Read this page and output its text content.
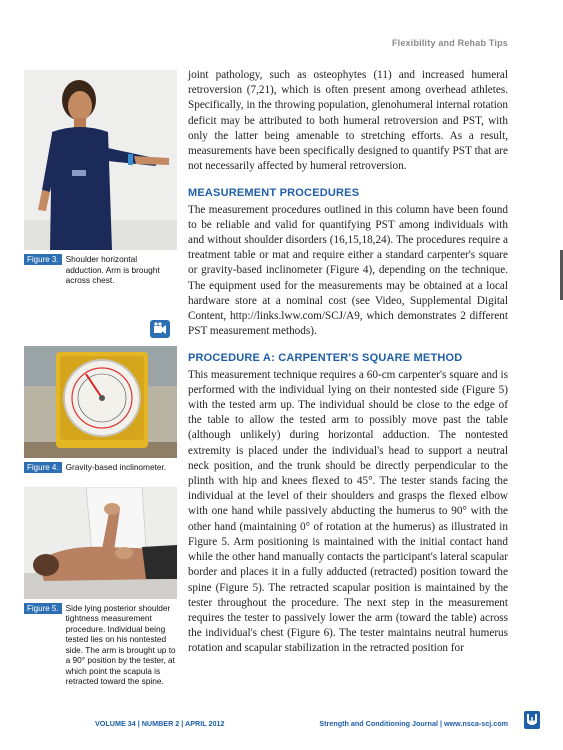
Flexibility and Rehab Tips
Figure 3. Shoulder horizontal adduction. Arm is brought across chest.
Figure 4. Gravity-based inclinometer.
Figure 5. Side lying posterior shoulder tightness measurement procedure. Individual being tested lies on his nontested side. The arm is brought up to a 90° position by the tester, at which point the scapula is retracted toward the spine.

joint pathology, such as osteophytes (11) and increased humeral retroversion (7,21), which is often present among overhead athletes. Specifically, in the throwing population, glenohumeral internal rotation deficit may be attributed to both humeral retroversion and PST, with only the latter being amenable to stretching efforts. As a result, measurements have been specifically designed to quantify PST that are not necessarily affected by humeral retroversion.

MEASUREMENT PROCEDURES

The measurement procedures outlined in this column have been found to be reliable and valid for quantifying PST among individuals with and without shoulder disorders (16,15,18,24). The procedures require a treatment table or mat and require either a standard carpenter's square or gravity-based inclinometer (Figure 4), depending on the technique. The equipment used for the measurements may be obtained at a local hardware store at a nominal cost (see Video, Supplemental Digital Content, http://links.lww.com/SCJ/A9, which demonstrates 2 different PST measurement methods).

PROCEDURE A: CARPENTER'S SQUARE METHOD

This measurement technique requires a 60-cm carpenter's square and is performed with the individual lying on their nontested side (Figure 5) with the tested arm up. The individual should be close to the edge of the table to allow the tested arm to possibly move past the table (although unlikely) during horizontal adduction. The nontested extremity is placed under the individual's head to support a neutral neck position, and the trunk should be directly perpendicular to the plinth with hip and knees flexed to 45°. The tester stands facing the individual at the level of their shoulders and grasps the flexed elbow with one hand while passively abducting the humerus to 90° with the other hand (maintaining 0° of rotation at the humerus) as illustrated in Figure 5. Arm positioning is maintained with the initial contact hand while the other hand manually contacts the participant's lateral scapular border and places it in a fully adducted (retracted) position toward the spine (Figure 5). The retracted scapular position is maintained by the tester throughout the procedure. The next step in the measurement requires the tester to passively lower the arm (toward the table) across the individual's chest (Figure 6). The tester maintains neutral humerus rotation and scapular stabilization in the retracted position for

VOLUME 34 | NUMBER 2 | APRIL 2012	Strength and Conditioning Journal | www.nsca-scj.com
